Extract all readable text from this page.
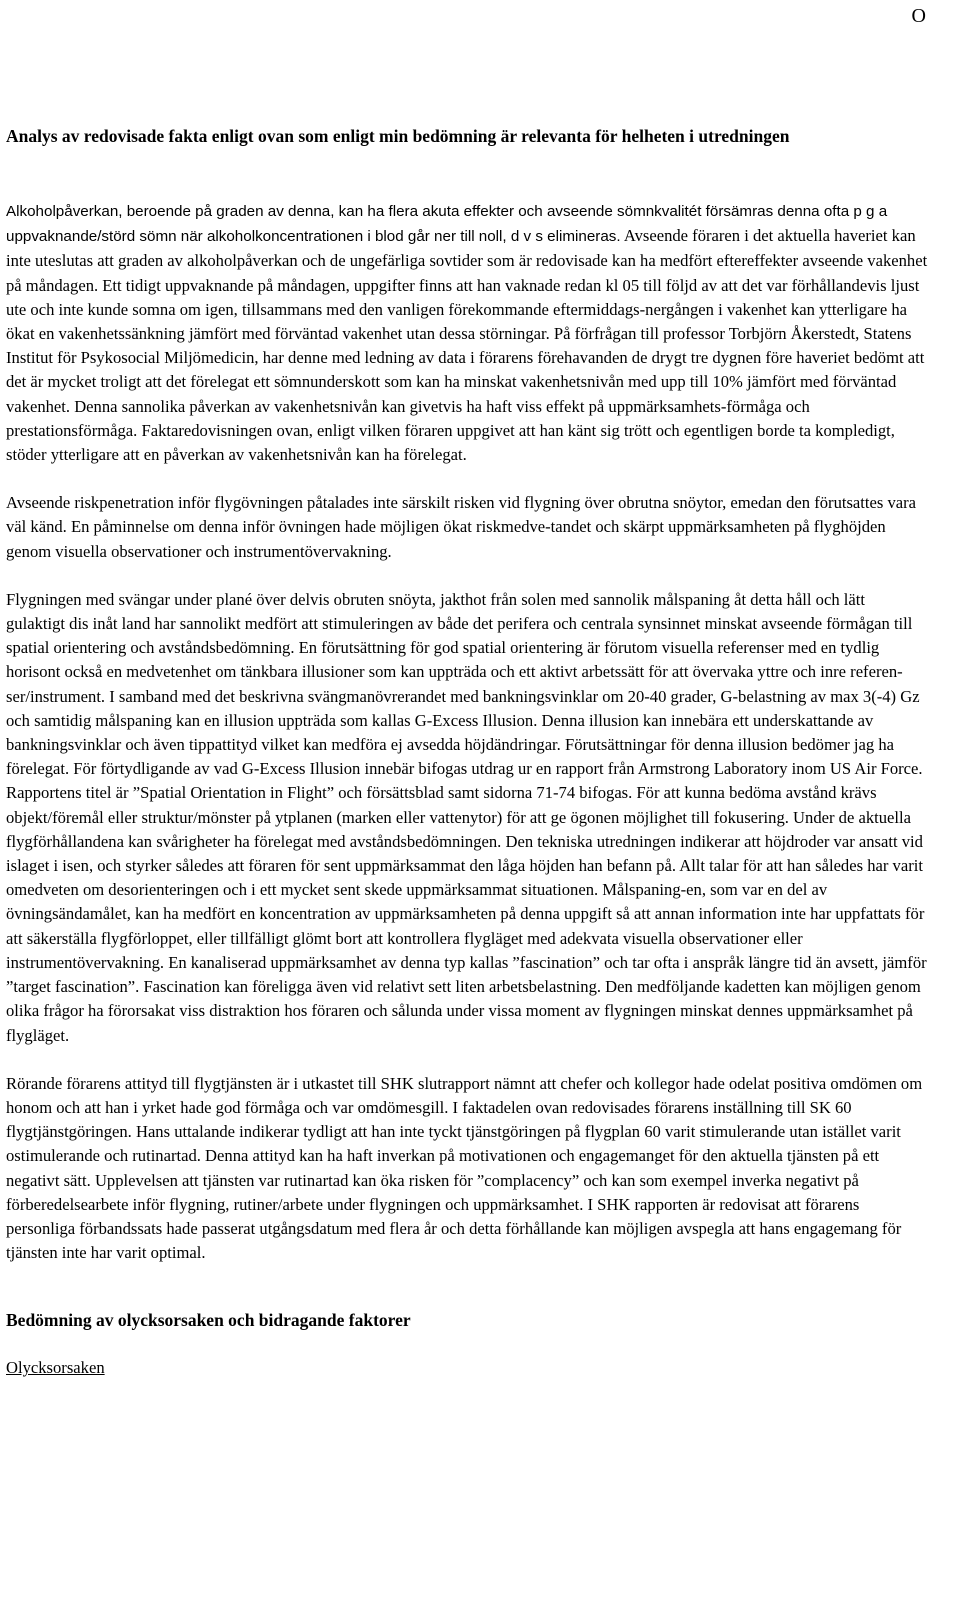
O

Analys av redovisade fakta enligt ovan som enligt min bedömning är relevanta för helheten i utredningen

Alkoholpåverkan, beroende på graden av denna, kan ha flera akuta effekter och avseende sömnkvalitét försämras denna ofta p g a uppvaknande/störd sömn när alkoholkoncentrationen i blod går ner till noll, d v s elimineras. Avseende föraren i det aktuella haveriet kan inte uteslutas att graden av alkoholpåverkan och de ungefärliga sovtider som är redovisade kan ha medfört eftereffekter avseende vakenhet på måndagen. Ett tidigt uppvaknande på måndagen, uppgifter finns att han vaknade redan kl 05 till följd av att det var förhållandevis ljust ute och inte kunde somna om igen, tillsammans med den vanligen förekommande eftermiddags-nergången i vakenhet kan ytterligare ha ökat en vakenhetssänkning jämfört med förväntad vakenhet utan dessa störningar. På förfrågan till professor Torbjörn Åkerstedt, Statens Institut för Psykosocial Miljömedicin, har denne med ledning av data i förarens förehavanden de drygt tre dygnen före haveriet bedömt att det är mycket troligt att det förelegat ett sömnunderskott som kan ha minskat vakenhetsnivån med upp till 10% jämfört med förväntad vakenhet. Denna sannolika påverkan av vakenhetsnivån kan givetvis ha haft viss effekt på uppmärksamhets-förmåga och prestationsförmåga. Faktaredovisningen ovan, enligt vilken föraren uppgivet att han känt sig trött och egentligen borde ta kompledigt, stöder ytterligare att en påverkan av vakenhetsnivån kan ha förelegat.

Avseende riskpenetration inför flygövningen påtalades inte särskilt risken vid flygning över obrutna snöytor, emedan den förutsattes vara väl känd. En påminnelse om denna inför övningen hade möjligen ökat riskmedve-tandet och skärpt uppmärksamheten på flyghöjden genom visuella observationer och instrumentövervakning.

Flygningen med svängar under plané över delvis obruten snöyta, jakthot från solen med sannolik målspaning åt detta håll och lätt gulaktigt dis inåt land har sannolikt medfört att stimuleringen av både det perifera och centrala synsinnet minskat avseende förmågan till spatial orientering och avståndsbedömning. En förutsättning för god spatial orientering är förutom visuella referenser med en tydlig horisont också en medvetenhet om tänkbara illusioner som kan uppträda och ett aktivt arbetssätt för att övervaka yttre och inre referen-ser/instrument. I samband med det beskrivna svängmanövrerandet med bankningsvinklar om 20-40 grader, G-belastning av max 3(-4) Gz och samtidig målspaning kan en illusion uppträda som kallas G-Excess Illusion. Denna illusion kan innebära ett underskattande av bankningsvinklar och även tippattityd vilket kan medföra ej avsedda höjdändringar. Förutsättningar för denna illusion bedömer jag ha förelegat. För förtydligande av vad G-Excess Illusion innebär bifogas utdrag ur en rapport från Armstrong Laboratory inom US Air Force. Rapportens titel är ”Spatial Orientation in Flight” och försättsblad samt sidorna 71-74 bifogas. För att kunna bedöma avstånd krävs objekt/föremål eller struktur/mönster på ytplanen (marken eller vattenytor) för att ge ögonen möjlighet till fokusering. Under de aktuella flygförhållandena kan svårigheter ha förelegat med avståndsbedömningen. Den tekniska utredningen indikerar att höjdroder var ansatt vid islaget i isen, och styrker således att föraren för sent uppmärksammat den låga höjden han befann på. Allt talar för att han således har varit omedveten om desorienteringen och i ett mycket sent skede uppmärksammat situationen. Målspaning-en, som var en del av övningsändamålet, kan ha medfört en koncentration av uppmärksamheten på denna uppgift så att annan information inte har uppfattats för att säkerställa flygförloppet, eller tillfälligt glömt bort att kontrollera flygläget med adekvata visuella observationer eller instrumentövervakning. En kanaliserad uppmärksamhet av denna typ kallas ”fascination” och tar ofta i anspråk längre tid än avsett, jämför ”target fascination”. Fascination kan föreligga även vid relativt sett liten arbetsbelastning. Den medföljande kadetten kan möjligen genom olika frågor ha förorsakat viss distraktion hos föraren och sålunda under vissa moment av flygningen minskat dennes uppmärksamhet på flygläget.

Rörande förarens attityd till flygtjänsten är i utkastet till SHK slutrapport nämnt att chefer och kollegor hade odelat positiva omdömen om honom och att han i yrket hade god förmåga och var omdömesgill. I faktadelen ovan redovisades förarens inställning till SK 60 flygtjänstgöringen. Hans uttalande indikerar tydligt att han inte tyckt tjänstgöringen på flygplan 60 varit stimulerande utan istället varit ostimulerande och rutinartad. Denna attityd kan ha haft inverkan på motivationen och engagemanget för den aktuella tjänsten på ett negativt sätt. Upplevelsen att tjänsten var rutinartad kan öka risken för ”complacency” och kan som exempel inverka negativt på förberedelsearbete inför flygning, rutiner/arbete under flygningen och uppmärksamhet. I SHK rapporten är redovisat att förarens personliga förbandssats hade passerat utgångsdatum med flera år och detta förhållande kan möjligen avspegla att hans engagemang för tjänsten inte har varit optimal.

Bedömning av olycksorsaken och bidragande faktorer

Olycksorsaken
